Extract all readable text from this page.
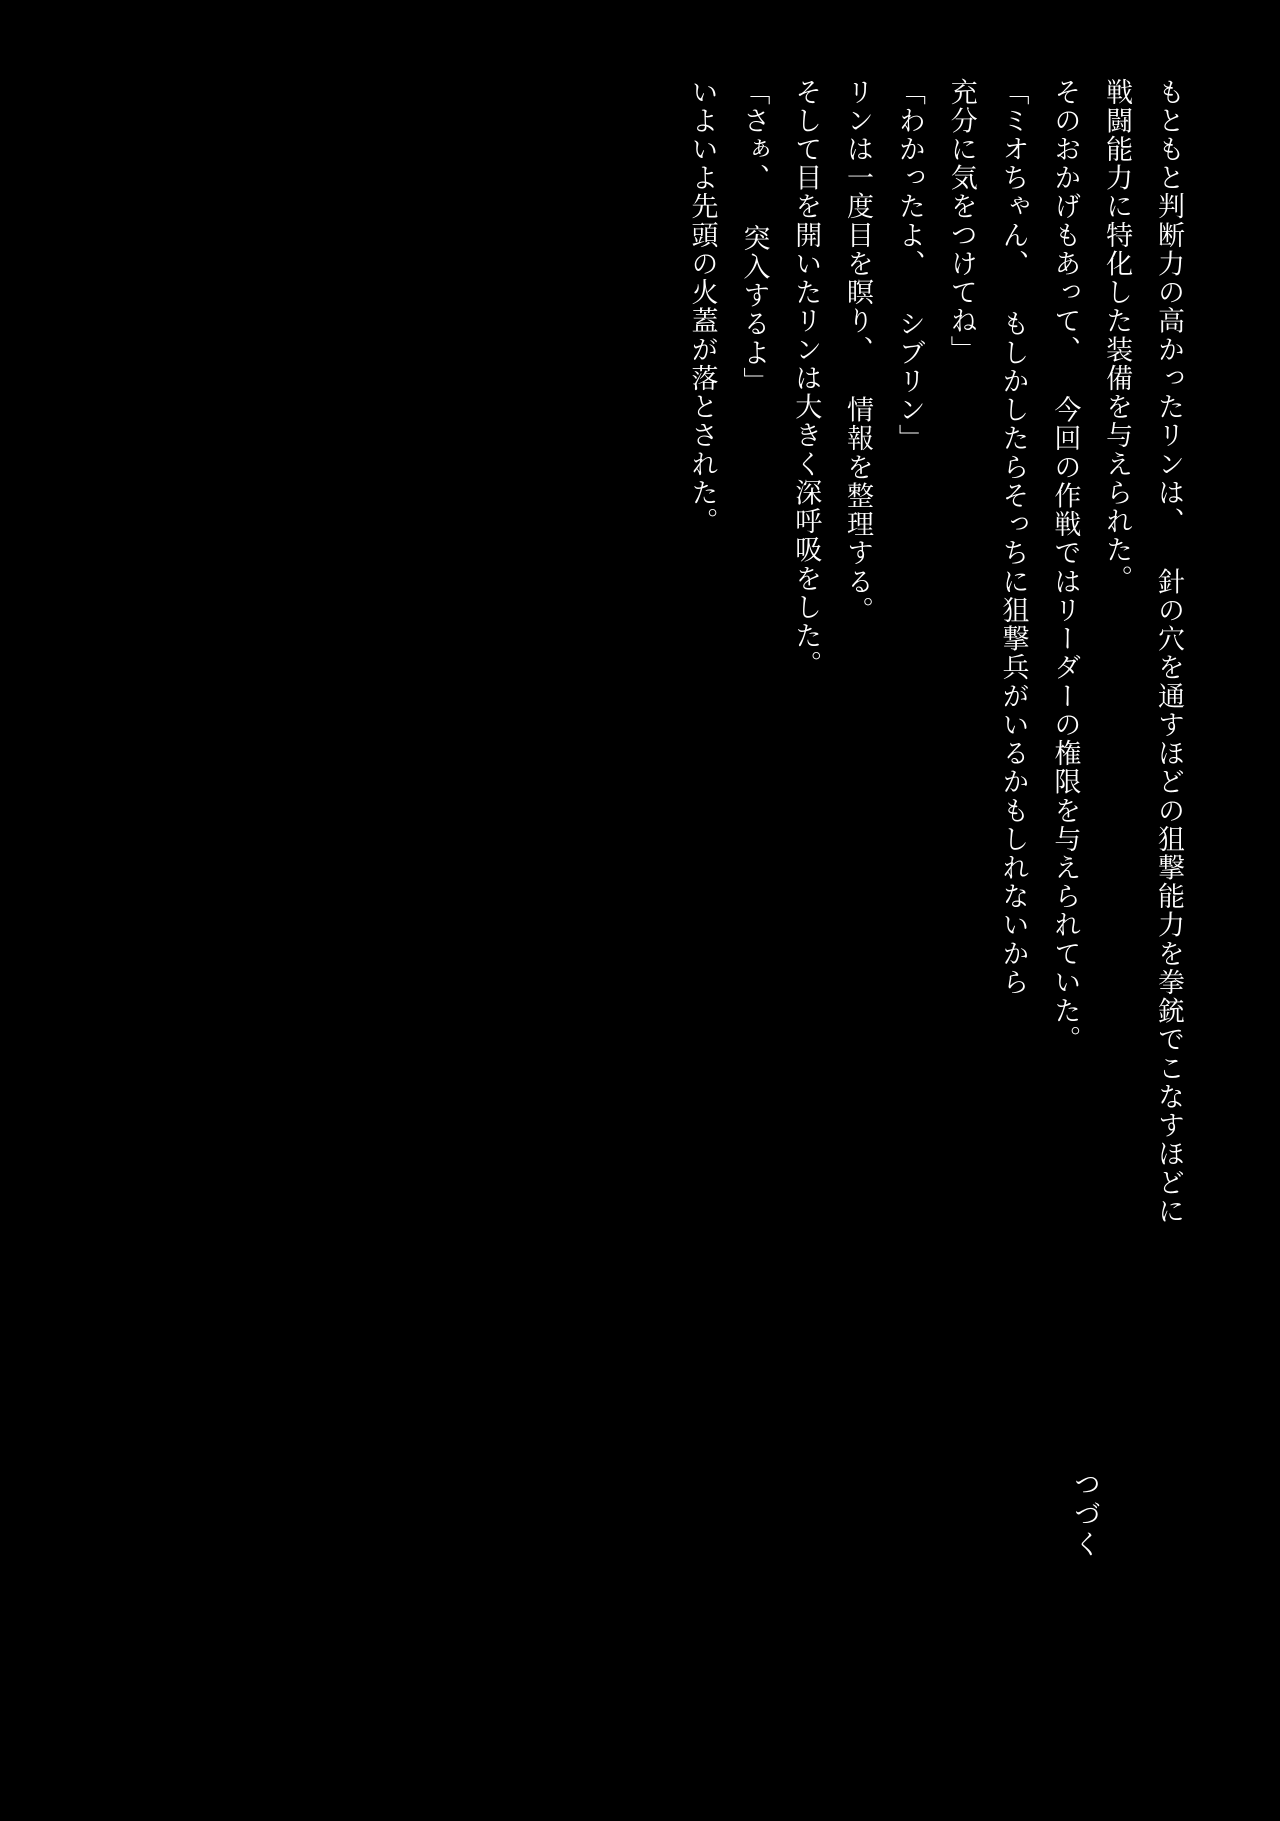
もともと判断力の高かったリンは、 針の穴を通すほどの狙撃能力を拳銃でこなすほどに

戦闘能力に特化した装備を与えられた。

そのおかげもあって、 今回の作戦ではリーダーの権限を与えられていた。

「ミオちゃん、 もしかしたらそっちに狙撃兵がいるかもしれないから

充分に気をつけてね」

「わかったよ、 シブリン」

リンは一度目を瞑り、 情報を整理する。

そして目を開いたリンは大きく深呼吸をした。

「さぁ、 突入するよ」

いよいよ先頭の火蓋が落とされた。

つづく
